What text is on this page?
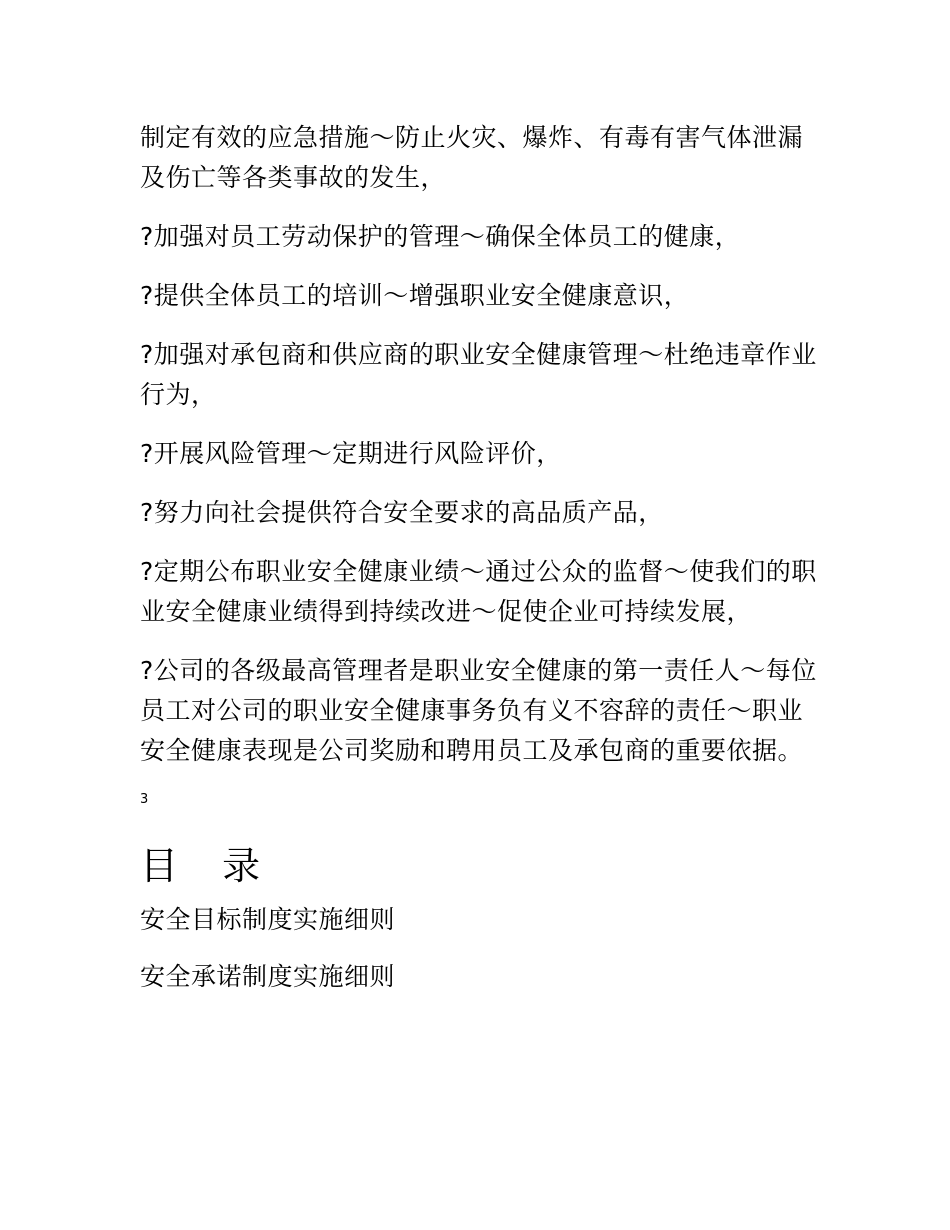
制定有效的应急措施～防止火灾、爆炸、有毒有害气体泄漏及伤亡等各类事故的发生，

?加强对员工劳动保护的管理～确保全体员工的健康，

?提供全体员工的培训～增强职业安全健康意识，

?加强对承包商和供应商的职业安全健康管理～杜绝违章作业行为，

?开展风险管理～定期进行风险评价，

?努力向社会提供符合安全要求的高品质产品，

?定期公布职业安全健康业绩～通过公众的监督～使我们的职业安全健康业绩得到持续改进～促使企业可持续发展，

?公司的各级最高管理者是职业安全健康的第一责任人～每位员工对公司的职业安全健康事务负有义不容辞的责任～职业安全健康表现是公司奖励和聘用员工及承包商的重要依据。

3
目 录
安全目标制度实施细则
安全承诺制度实施细则
